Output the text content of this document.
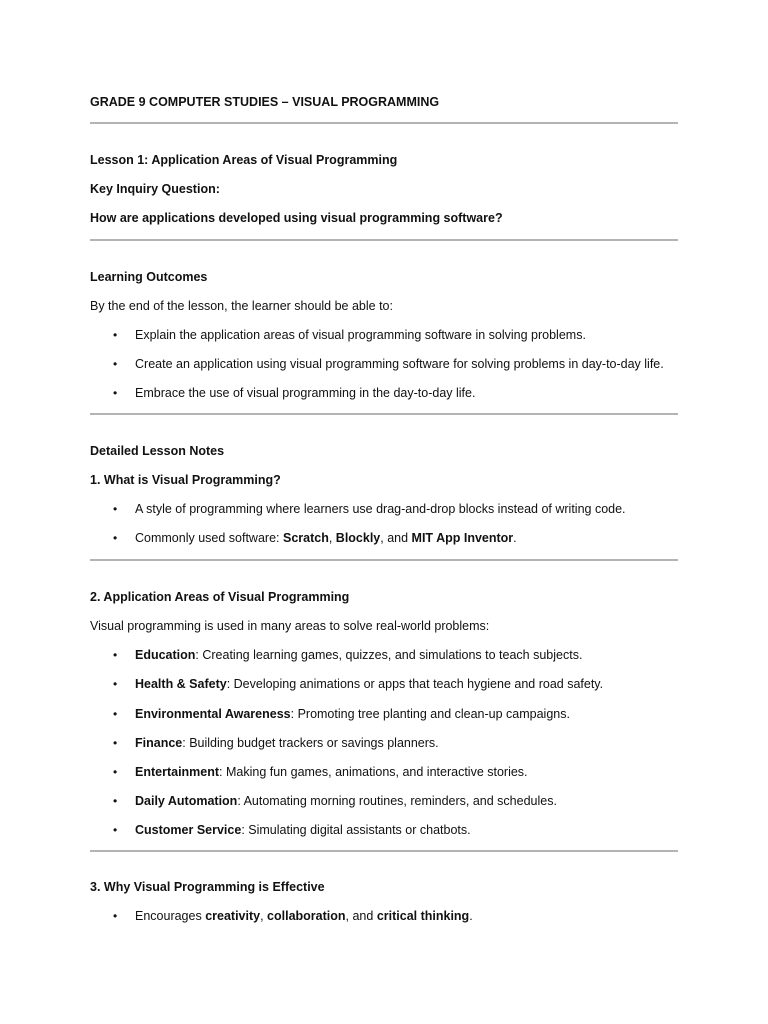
GRADE 9 COMPUTER STUDIES – VISUAL PROGRAMMING
Lesson 1: Application Areas of Visual Programming
Key Inquiry Question:
How are applications developed using visual programming software?
Learning Outcomes
By the end of the lesson, the learner should be able to:
• Explain the application areas of visual programming software in solving problems.
• Create an application using visual programming software for solving problems in day-to-day life.
• Embrace the use of visual programming in the day-to-day life.
Detailed Lesson Notes
1. What is Visual Programming?
• A style of programming where learners use drag-and-drop blocks instead of writing code.
• Commonly used software: Scratch, Blockly, and MIT App Inventor.
2. Application Areas of Visual Programming
Visual programming is used in many areas to solve real-world problems:
• Education: Creating learning games, quizzes, and simulations to teach subjects.
• Health & Safety: Developing animations or apps that teach hygiene and road safety.
• Environmental Awareness: Promoting tree planting and clean-up campaigns.
• Finance: Building budget trackers or savings planners.
• Entertainment: Making fun games, animations, and interactive stories.
• Daily Automation: Automating morning routines, reminders, and schedules.
• Customer Service: Simulating digital assistants or chatbots.
3. Why Visual Programming is Effective
• Encourages creativity, collaboration, and critical thinking.
